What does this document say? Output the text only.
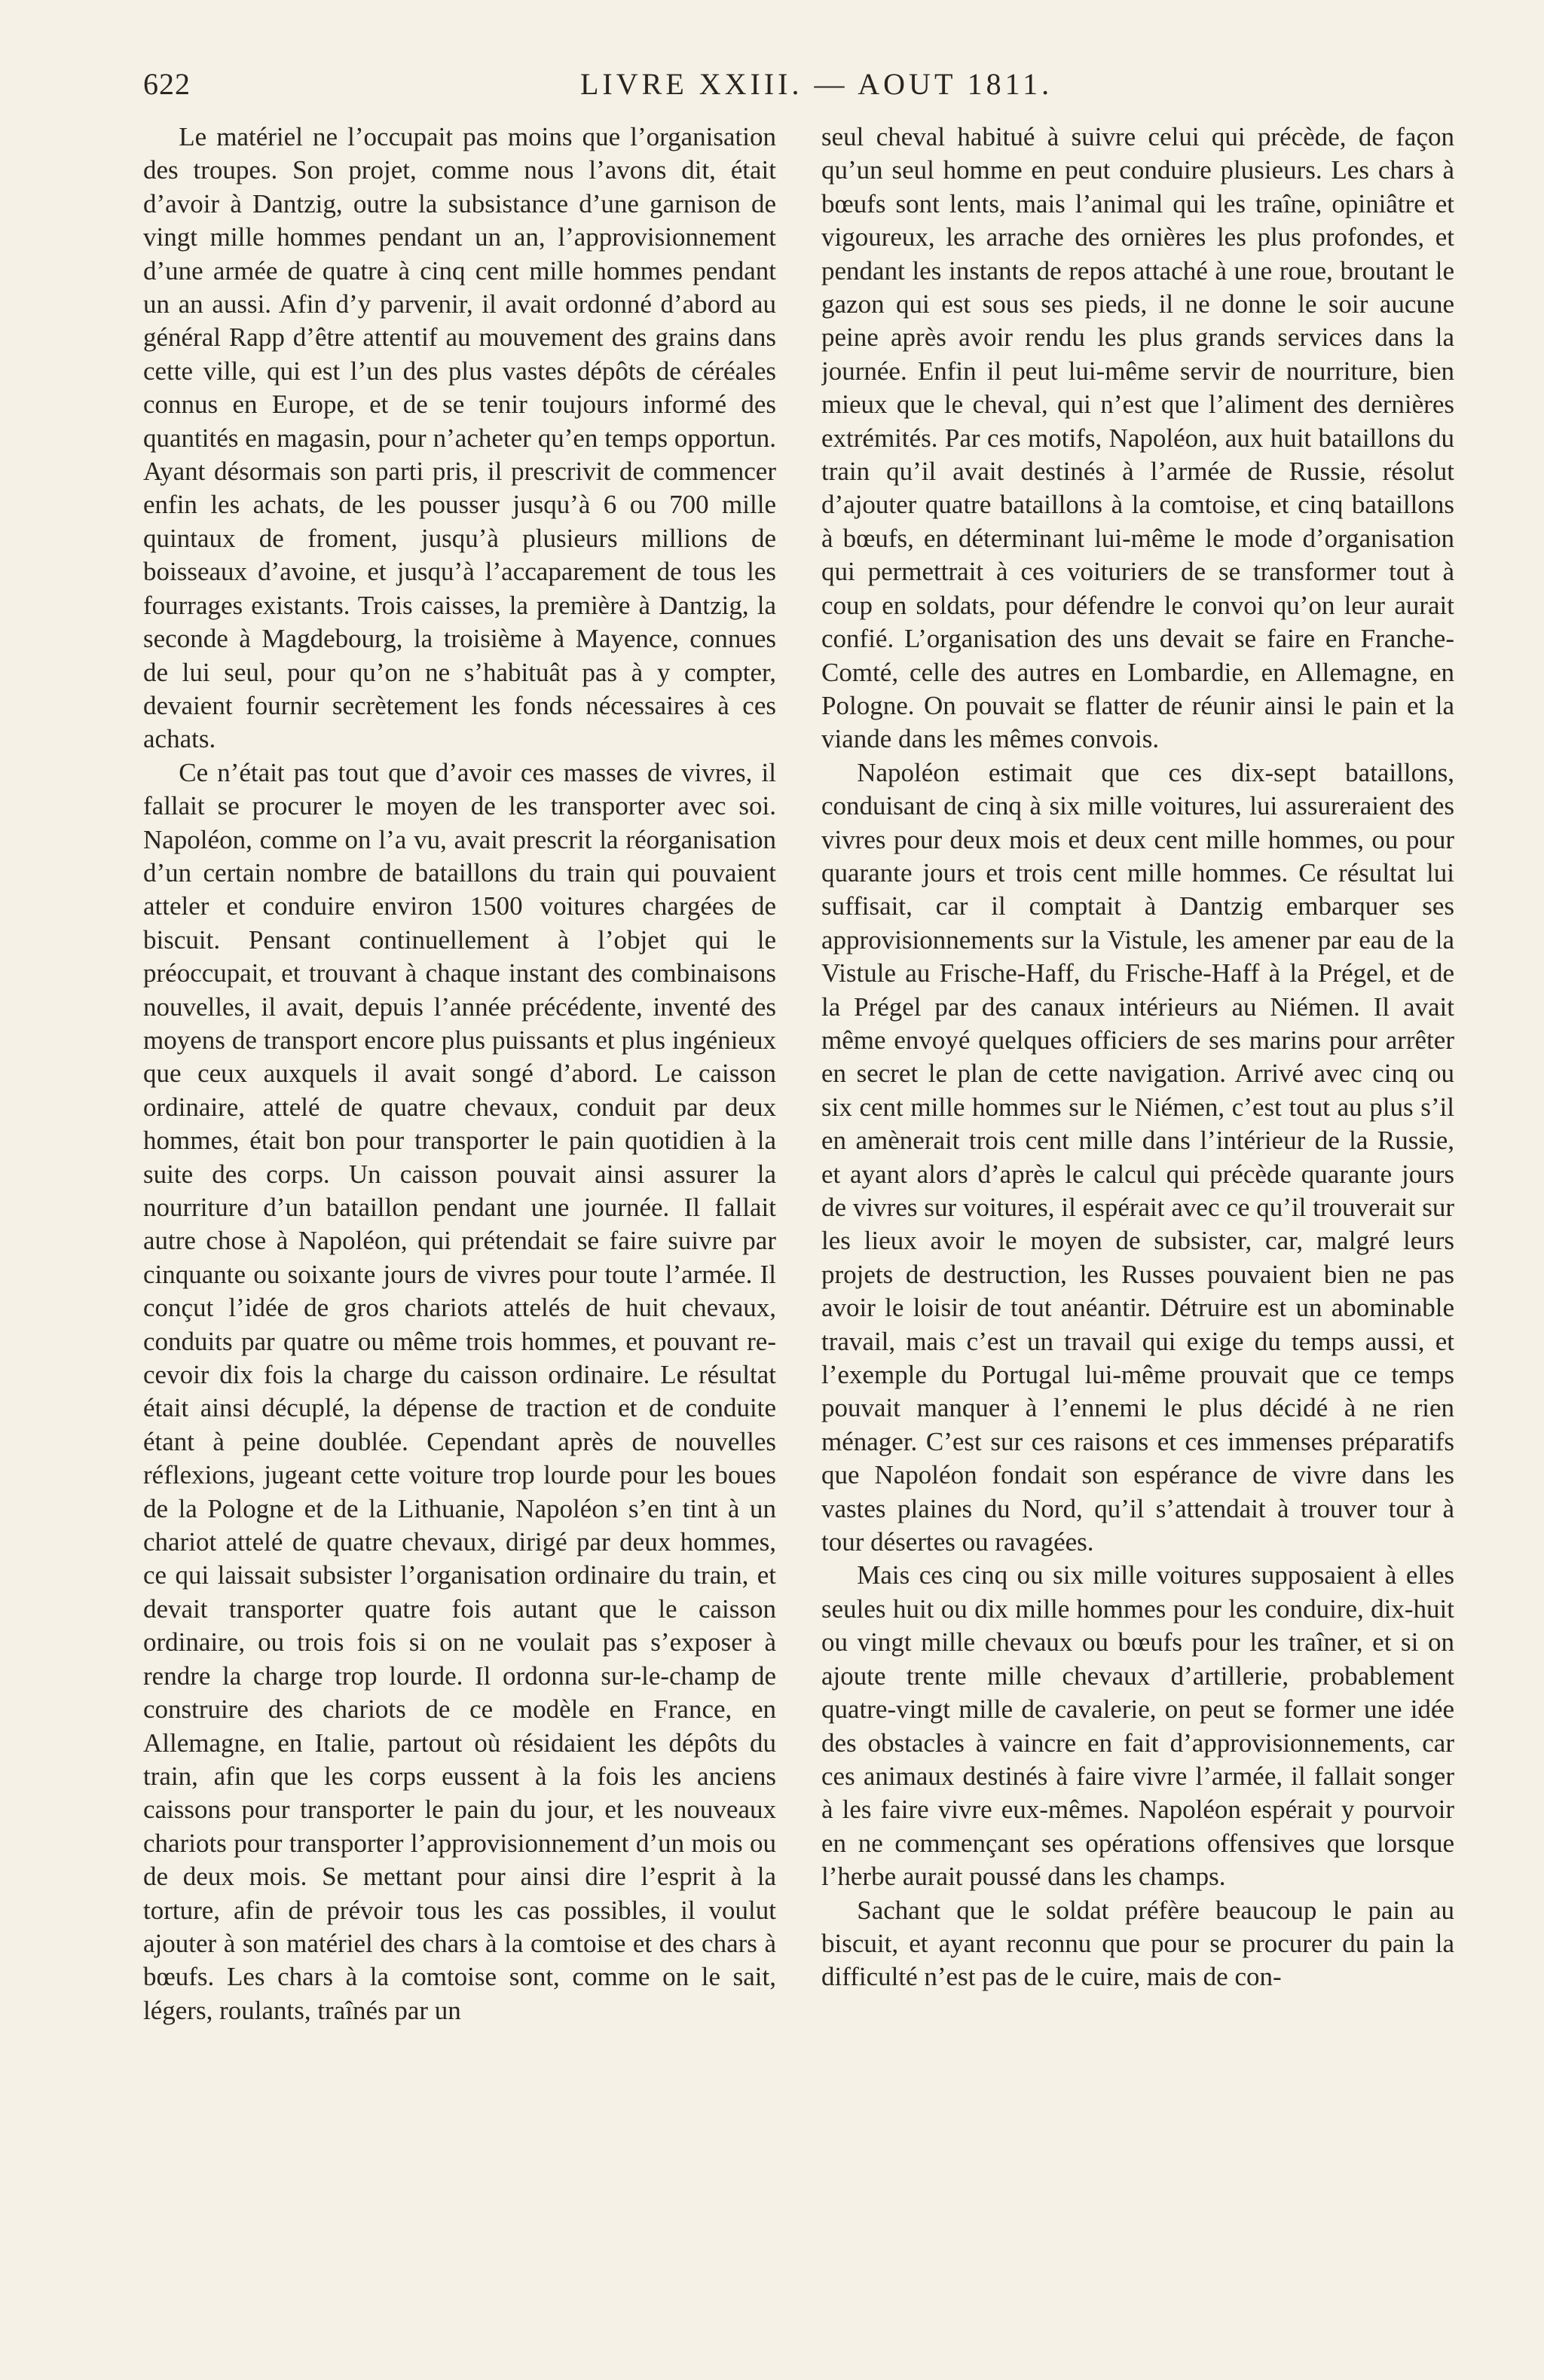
622	LIVRE XXIII. — AOUT 1811.

Le matériel ne l’occupait pas moins que l’organisation des troupes. Son projet, comme nous l’avons dit, était d’avoir à Dantzig, outre la subsistance d’une garnison de vingt mille hommes pendant un an, l’approvisionnement d’une armée de quatre à cinq cent mille hommes pendant un an aussi. Afin d’y parvenir, il avait ordonné d’abord au général Rapp d’être attentif au mouvement des grains dans cette ville, qui est l’un des plus vastes dépôts de céréales connus en Europe, et de se tenir toujours informé des quantités en magasin, pour n’acheter qu’en temps opportun. Ayant désormais son parti pris, il prescrivit de commencer enfin les achats, de les pousser jusqu’à 6 ou 700 mille quintaux de froment, jusqu’à plusieurs millions de boisseaux d’avoine, et jusqu’à l’accaparement de tous les fourrages existants. Trois caisses, la première à Dantzig, la seconde à Magdebourg, la troisième à Mayence, connues de lui seul, pour qu’on ne s’habituât pas à y compter, devaient fournir secrètement les fonds nécessaires à ces achats.

Ce n’était pas tout que d’avoir ces masses de vivres, il fallait se procurer le moyen de les transporter avec soi. Napoléon, comme on l’a vu, avait prescrit la réorganisation d’un certain nombre de bataillons du train qui pouvaient atteler et conduire environ 1500 voitures chargées de biscuit. Pensant continuellement à l’objet qui le préoccupait, et trouvant à chaque instant des combinaisons nouvelles, il avait, depuis l’année précédente, inventé des moyens de transport encore plus puissants et plus ingénieux que ceux auxquels il avait songé d’abord. Le caisson ordinaire, attelé de quatre chevaux, conduit par deux hommes, était bon pour transporter le pain quotidien à la suite des corps. Un caisson pouvait ainsi assurer la nourriture d’un bataillon pendant une journée. Il fallait autre chose à Napoléon, qui prétendait se faire suivre par cinquante ou soixante jours de vivres pour toute l’armée. Il conçut l’idée de gros chariots attelés de huit chevaux, conduits par quatre ou même trois hommes, et pouvant recevoir dix fois la charge du caisson ordinaire. Le résultat était ainsi décuplé, la dépense de traction et de conduite étant à peine doublée. Cependant après de nouvelles réflexions, jugeant cette voiture trop lourde pour les boues de la Pologne et de la Lithuanie, Napoléon s’en tint à un chariot attelé de quatre chevaux, dirigé par deux hommes, ce qui laissait subsister l’organisation ordinaire du train, et devait transporter quatre fois autant que le caisson ordinaire, ou trois fois si on ne voulait pas s’exposer à rendre la charge trop lourde. Il ordonna sur-le-champ de construire des chariots de ce modèle en France, en Allemagne, en Italie, partout où résidaient les dépôts du train, afin que les corps eussent à la fois les anciens caissons pour transporter le pain du jour, et les nouveaux chariots pour transporter l’approvisionnement d’un mois ou de deux mois. Se mettant pour ainsi dire l’esprit à la torture, afin de prévoir tous les cas possibles, il voulut ajouter à son matériel des chars à la comtoise et des chars à bœufs. Les chars à la comtoise sont, comme on le sait, légers, roulants, traînés par un

seul cheval habitué à suivre celui qui précède, de façon qu’un seul homme en peut conduire plusieurs. Les chars à bœufs sont lents, mais l’animal qui les traîne, opiniâtre et vigoureux, les arrache des ornières les plus profondes, et pendant les instants de repos attaché à une roue, broutant le gazon qui est sous ses pieds, il ne donne le soir aucune peine après avoir rendu les plus grands services dans la journée. Enfin il peut lui-même servir de nourriture, bien mieux que le cheval, qui n’est que l’aliment des dernières extrémités. Par ces motifs, Napoléon, aux huit bataillons du train qu’il avait destinés à l’armée de Russie, résolut d’ajouter quatre bataillons à la comtoise, et cinq bataillons à bœufs, en déterminant lui-même le mode d’organisation qui permettrait à ces voituriers de se transformer tout à coup en soldats, pour défendre le convoi qu’on leur aurait confié. L’organisation des uns devait se faire en Franche-Comté, celle des autres en Lombardie, en Allemagne, en Pologne. On pouvait se flatter de réunir ainsi le pain et la viande dans les mêmes convois.

Napoléon estimait que ces dix-sept bataillons, conduisant de cinq à six mille voitures, lui assureraient des vivres pour deux mois et deux cent mille hommes, ou pour quarante jours et trois cent mille hommes. Ce résultat lui suffisait, car il comptait à Dantzig embarquer ses approvisionnements sur la Vistule, les amener par eau de la Vistule au Frische-Haff, du Frische-Haff à la Prégel, et de la Prégel par des canaux intérieurs au Niémen. Il avait même envoyé quelques officiers de ses marins pour arrêter en secret le plan de cette navigation. Arrivé avec cinq ou six cent mille hommes sur le Niémen, c’est tout au plus s’il en amènerait trois cent mille dans l’intérieur de la Russie, et ayant alors d’après le calcul qui précède quarante jours de vivres sur voitures, il espérait avec ce qu’il trouverait sur les lieux avoir le moyen de subsister, car, malgré leurs projets de destruction, les Russes pouvaient bien ne pas avoir le loisir de tout anéantir. Détruire est un abominable travail, mais c’est un travail qui exige du temps aussi, et l’exemple du Portugal lui-même prouvait que ce temps pouvait manquer à l’ennemi le plus décidé à ne rien ménager. C’est sur ces raisons et ces immenses préparatifs que Napoléon fondait son espérance de vivre dans les vastes plaines du Nord, qu’il s’attendait à trouver tour à tour désertes ou ravagées.

Mais ces cinq ou six mille voitures supposaient à elles seules huit ou dix mille hommes pour les conduire, dix-huit ou vingt mille chevaux ou bœufs pour les traîner, et si on ajoute trente mille chevaux d’artillerie, probablement quatre-vingt mille de cavalerie, on peut se former une idée des obstacles à vaincre en fait d’approvisionnements, car ces animaux destinés à faire vivre l’armée, il fallait songer à les faire vivre eux-mêmes. Napoléon espérait y pourvoir en ne commençant ses opérations offensives que lorsque l’herbe aurait poussé dans les champs.

Sachant que le soldat préfère beaucoup le pain au biscuit, et ayant reconnu que pour se procurer du pain la difficulté n’est pas de le cuire, mais de con-
